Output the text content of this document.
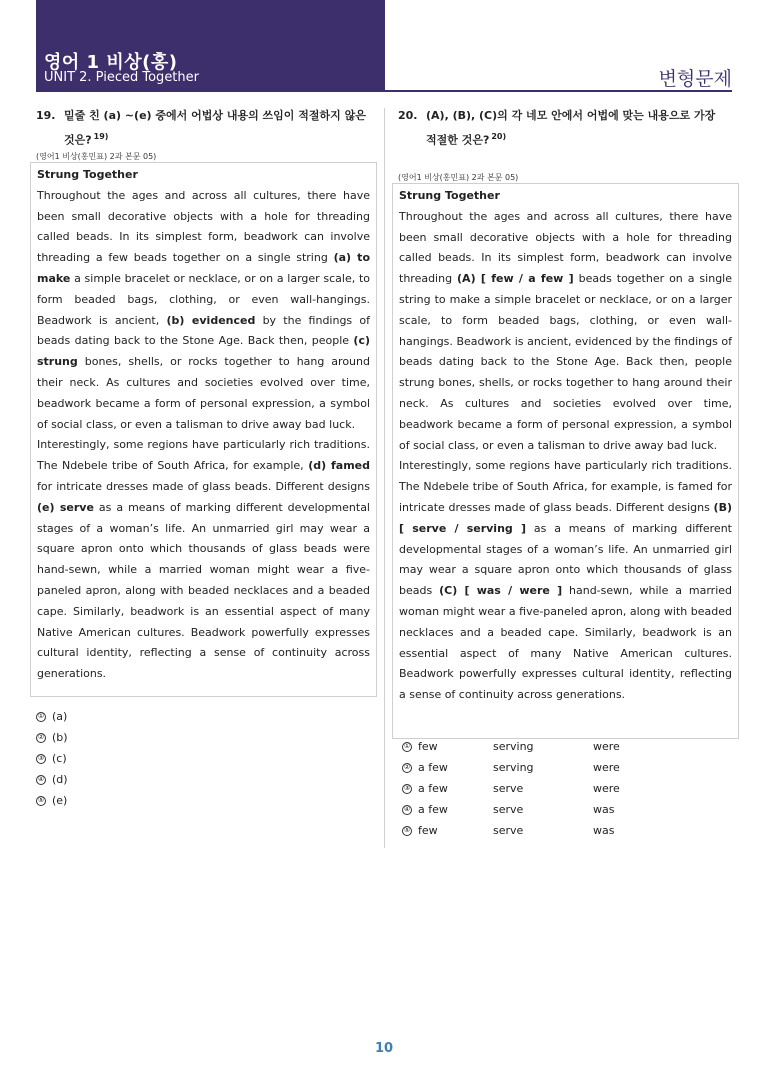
영어 1 비상(홍)
UNIT 2. Pieced Together	변형문제
19. 밑줄 친 (a) ~(e) 중에서 어법상 내용의 쓰임이 적절하지 않은
것은? $^{19)}$
(영어1 비상(홍민표) 2과 본문 05)
Strung Together

Throughout the ages and across all cultures, there have been small decorative objects with a hole for threading called beads. In its simplest form, beadwork can involve threading a few beads together on a single string (a) to make a simple bracelet or necklace, or on a larger scale, to form beaded bags, clothing, or even wall-hangings. Beadwork is ancient, (b) evidenced by the findings of beads dating back to the Stone Age. Back then, people (c) strung bones, shells, or rocks together to hang around their neck. As cultures and societies evolved over time, beadwork became a form of personal expression, a symbol of social class, or even a talisman to drive away bad luck.

Interestingly, some regions have particularly rich traditions. The Ndebele tribe of South Africa, for example, (d) famed for intricate dresses made of glass beads. Different designs (e) serve as a means of marking different developmental stages of a woman’s life. An unmarried girl may wear a square apron onto which thousands of glass beads were hand-sewn, while a married woman might wear a five-paneled apron, along with beaded necklaces and a beaded cape. Similarly, beadwork is an essential aspect of many Native American cultures. Beadwork powerfully expresses cultural identity, reflecting a sense of continuity across generations.

① (a)
② (b)
③ (c)
④ (d)
⑤ (e)
20. (A), (B), (C)의 각 네모 안에서 어법에 맞는 내용으로 가장
적절한 것은? $^{20)}$
(영어1 비상(홍민표) 2과 본문 05)
Strung Together

Throughout the ages and across all cultures, there have been small decorative objects with a hole for threading called beads. In its simplest form, beadwork can involve threading (A) [ few / a few ] beads together on a single string to make a simple bracelet or necklace, or on a larger scale, to form beaded bags, clothing, or even wall-hangings. Beadwork is ancient, evidenced by the findings of beads dating back to the Stone Age. Back then, people strung bones, shells, or rocks together to hang around their neck. As cultures and societies evolved over time, beadwork became a form of personal expression, a symbol of social class, or even a talisman to drive away bad luck.

Interestingly, some regions have particularly rich traditions. The Ndebele tribe of South Africa, for example, is famed for intricate dresses made of glass beads. Different designs (B) [ serve / serving ] as a means of marking different developmental stages of a woman’s life. An unmarried girl may wear a square apron onto which thousands of glass beads (C) [ was / were ] hand-sewn, while a married woman might wear a five-paneled apron, along with beaded necklaces and a beaded cape. Similarly, beadwork is an essential aspect of many Native American cultures. Beadwork powerfully expresses cultural identity, reflecting a sense of continuity across generations.

① few	serving	were
② a few	serving	were
③ a few	serve	were
④ a few	serve	was
⑤ few	serve	was
10
